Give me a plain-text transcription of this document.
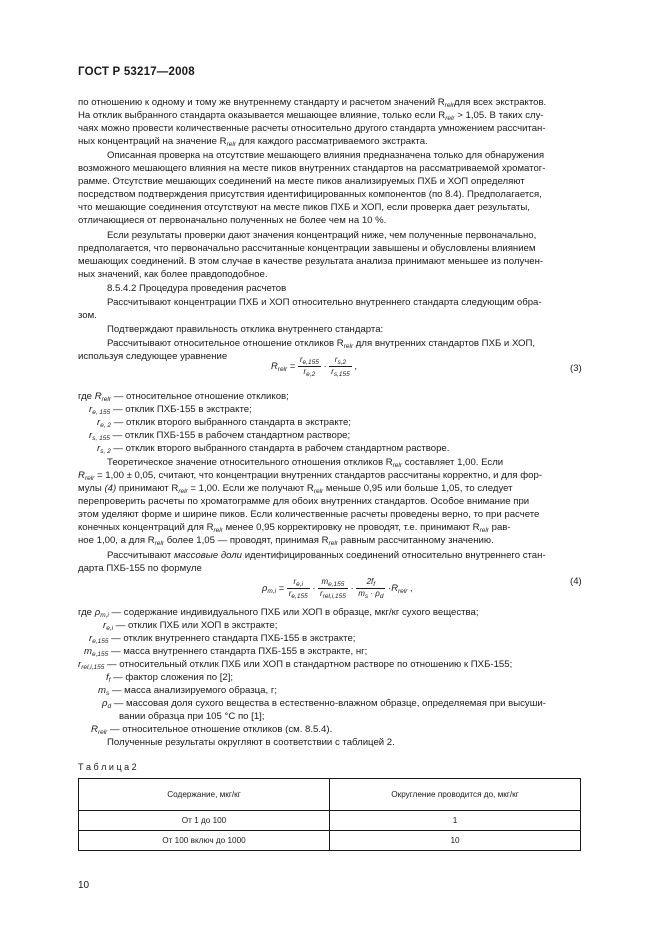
ГОСТ Р 53217—2008
по отношению к одному и тому же внутреннему стандарту и расчетом значений $R_{relr}для$ всех экстрактов.
На отклик выбранного стандарта оказывается мешающее влияние, только если $R_{relr} > 1,05$. В таких слу-
чаях можно провести количественные расчеты относительно другого стандарта умножением рассчитан-
ных концентраций на значение $R_{relr}$ для каждого рассматриваемого экстракта.
Описанная проверка на отсутствие мешающего влияния предназначена только для обнаружения
возможного мешающего влияния на месте пиков внутренних стандартов на рассматриваемой хроматог-
рамме. Отсутствие мешающих соединений на месте пиков анализируемых ПХБ и ХОП определяют
посредством подтверждения присутствия идентифицированных компонентов (по 8.4). Предполагается,
что мешающие соединения отсутствуют на месте пиков ПХБ и ХОП, если проверка дает результаты,
отличающиеся от первоначально полученных не более чем на 10 %.
Если результаты проверки дают значения концентраций ниже, чем полученные первоначально,
предполагается, что первоначально рассчитанные концентрации завышены и обусловлены влиянием
мешающих соединений. В этом случае в качестве результата анализа принимают меньшее из получен-
ных значений, как более правдоподобное.
8.5.4.2 Процедура проведения расчетов
Рассчитывают концентрации ПХБ и ХОП относительно внутреннего стандарта следующим обра-
зом.
Подтверждают правильность отклика внутреннего стандарта:
Рассчитывают относительное отношение откликов $R_{relr}$ для внутренних стандартов ПХБ и ХОП,
используя следующее уравнение
$R_{relr} = \frac{r_{e,155}}{r_{e,2}} \cdot \frac{r_{s,2}}{r_{s,155}}$ ,	(3)
где $R_{relr}$ — относительное отношение откликов;
$r_{e, 155}$ — отклик ПХБ-155 в экстракте;
$r_{e, 2}$ — отклик второго выбранного стандарта в экстракте;
$r_{s, 155}$ — отклик ПХБ-155 в рабочем стандартном растворе;
$r_{s, 2}$ — отклик второго выбранного стандарта в рабочем стандартном растворе.
Теоретическое значение относительного отношения откликов $R_{relr}$ составляет 1,00. Если
$R_{relr} = 1,00 \pm 0,05$, считают, что концентрации внутренних стандартов рассчитаны корректно, и для фор-
мулы (4) принимают $R_{relr} = 1,00$. Если же получают $R_{relr}$ меньше 0,95 или больше 1,05, то следует
перепроверить расчеты по хроматограмме для обоих внутренних стандартов. Особое внимание при
этом уделяют форме и ширине пиков. Если количественные расчеты проведены верно, то при расчете
конечных концентраций для $R_{relr}$ менее 0,95 корректировку не проводят, т.е. принимают $R_{relr}$ рав-
ное 1,00, а для $R_{relr}$ более 1,05 — проводят, принимая $R_{relr}$ равным рассчитанному значению.
Рассчитывают массовые доли идентифицированных соединений относительно внутреннего стан-
дарта ПХБ-155 по формуле
$\rho_{m,i} = \frac{r_{e,i}}{r_{e,155}} \cdot \frac{m_{e,155}}{r_{rel,i,155}} \cdot \frac{2f_f}{m_s \cdot \rho_d} \cdot R_{relr}$ ,
(4)
где $\rho_{m,i}$ — содержание индивидуального ПХБ или ХОП в образце, мкг/кг сухого вещества;
$r_{e,i}$ — отклик ПХБ или ХОП в экстракте;
$r_{e,155}$ — отклик внутреннего стандарта ПХБ-155 в экстракте;
$m_{e,155}$ — масса внутреннего стандарта ПХБ-155 в экстракте, нг;
$r_{rel,i,155}$ — относительный отклик ПХБ или ХОП в стандартном растворе по отношению к ПХБ-155;
$f_f$ — фактор сложения по [2];
$m_s$ — масса анализируемого образца, г;
$\rho_d$ — массовая доля сухого вещества в естественно-влажном образце, определяемая при высуши-
вании образца при 105 °С по [1];
$R_{relr}$ — относительное отношение откликов (см. 8.5.4).
Полученные результаты округляют в соответствии с таблицей 2.
Т а б л и ц а 2
Содержание, мкг/кг	Округление проводится до, мкг/кг
От 1 до 100	1
От 100 включ до 1000	10
10
